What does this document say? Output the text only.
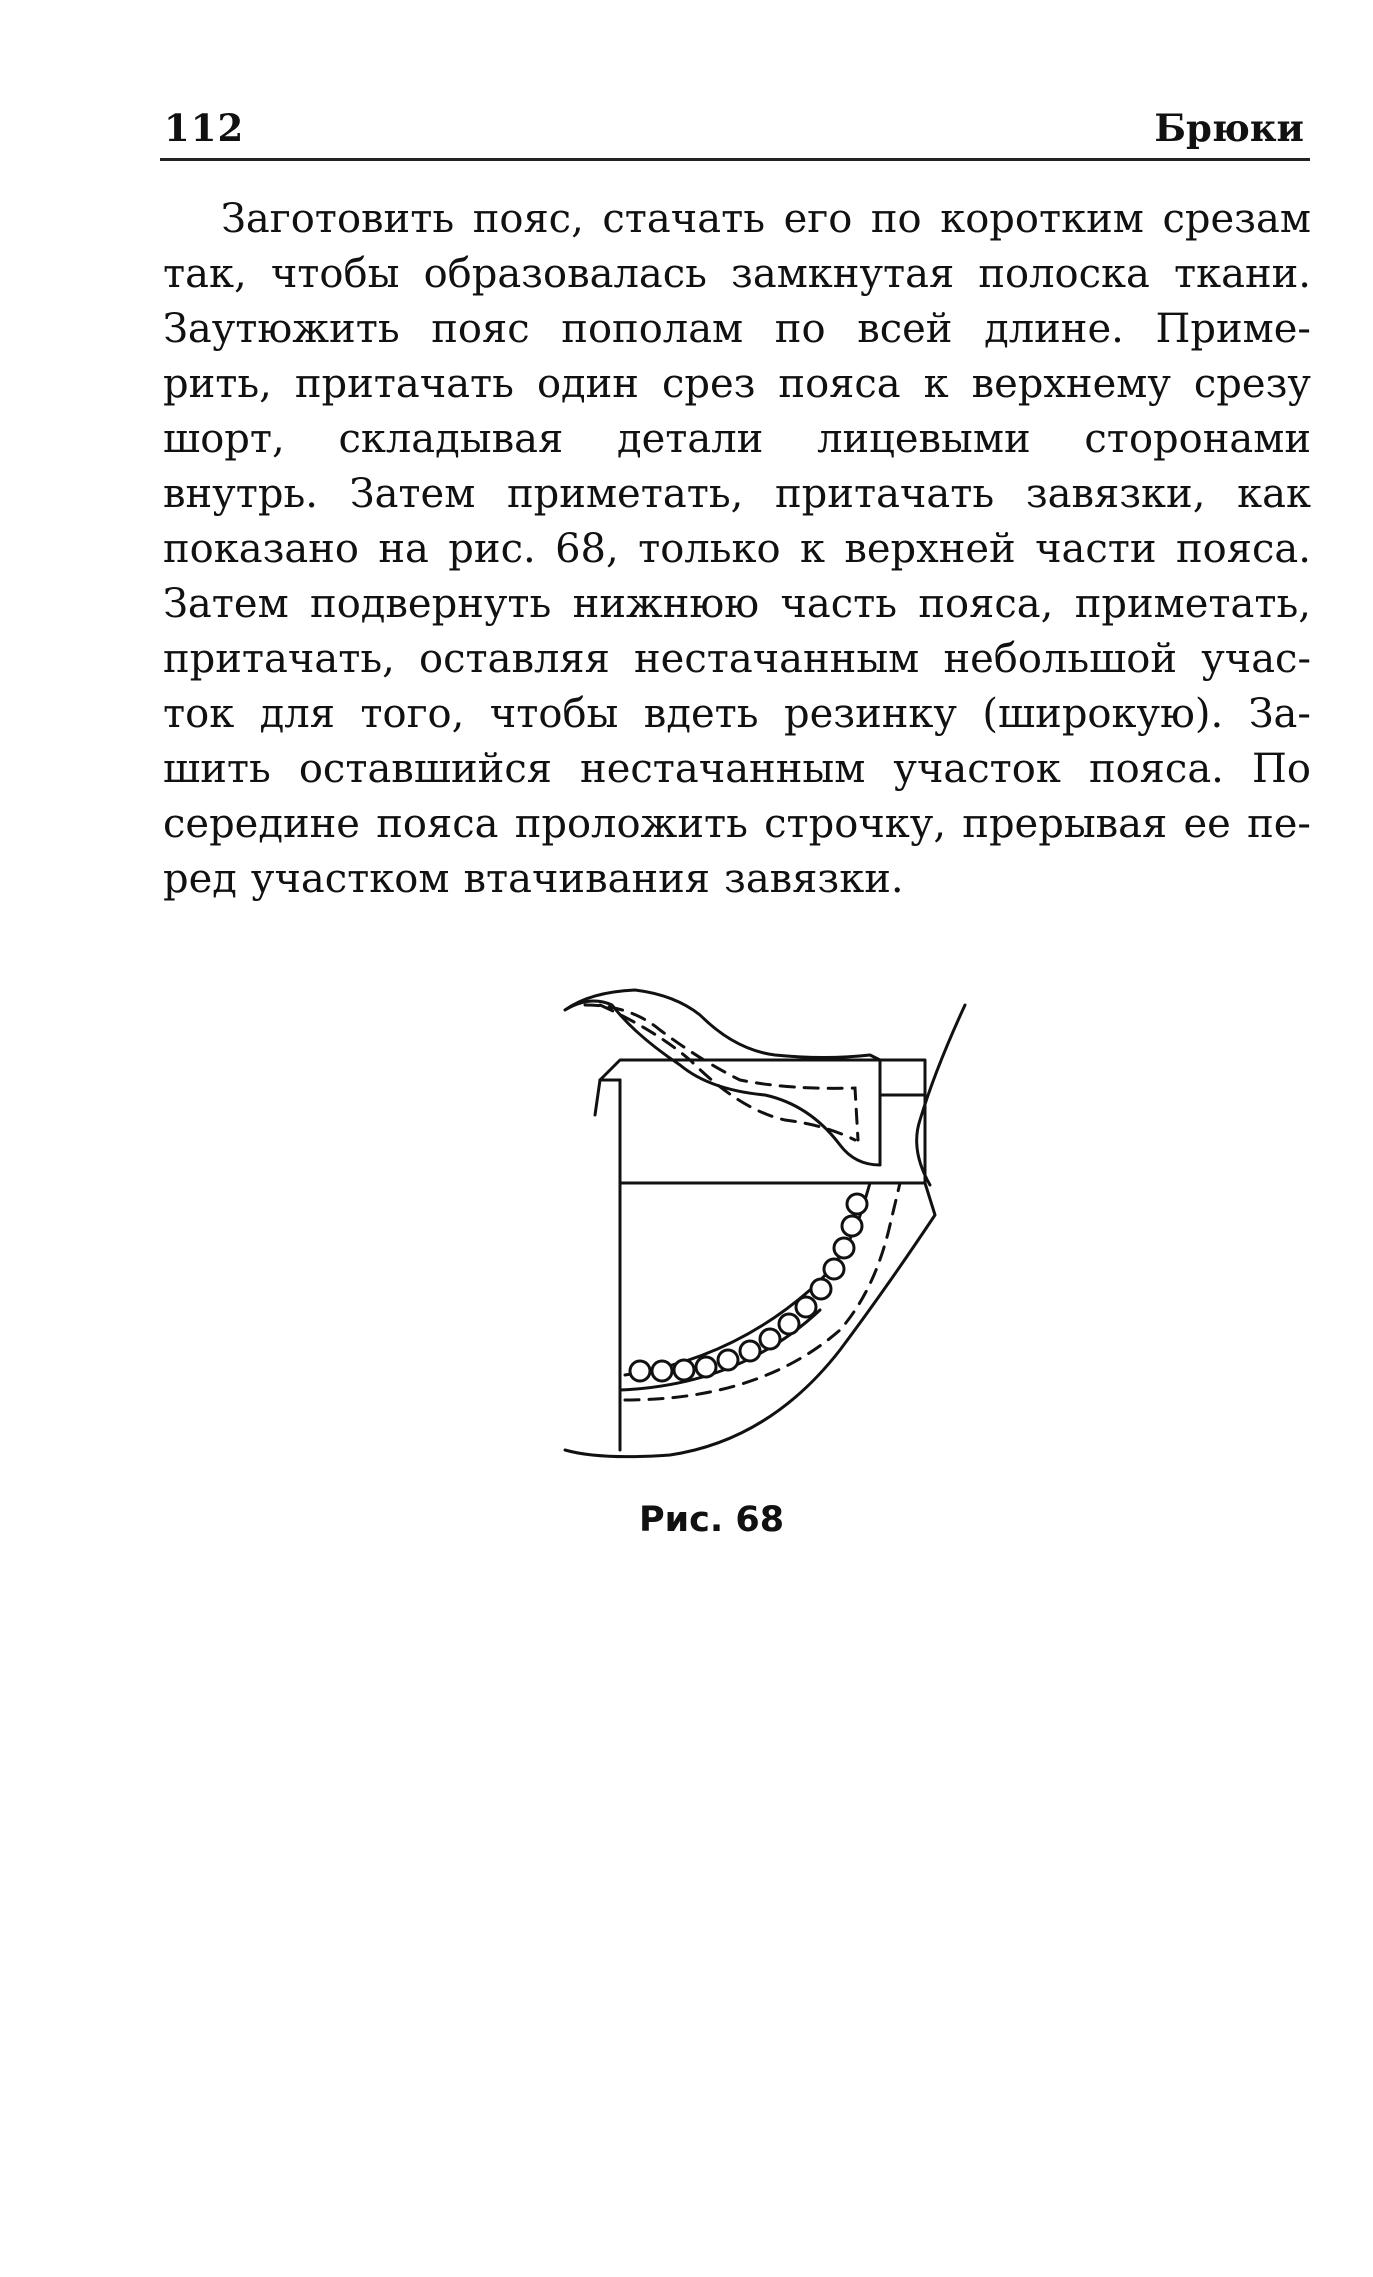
112	Брюки
Заготовить пояс, стачать его по коротким срезам
так, чтобы образовалась замкнутая полоска ткани.
Заутюжить пояс пополам по всей длине. Приме-
рить, притачать один срез пояса к верхнему срезу
шорт, складывая детали лицевыми сторонами
внутрь. Затем приметать, притачать завязки, как
показано на рис. 68, только к верхней части пояса.
Затем подвернуть нижнюю часть пояса, приметать,
притачать, оставляя нестачанным небольшой учас-
ток для того, чтобы вдеть резинку (широкую). За-
шить оставшийся нестачанным участок пояса. По
середине пояса проложить строчку, прерывая ее пе-
ред участком втачивания завязки.
Рис. 68
